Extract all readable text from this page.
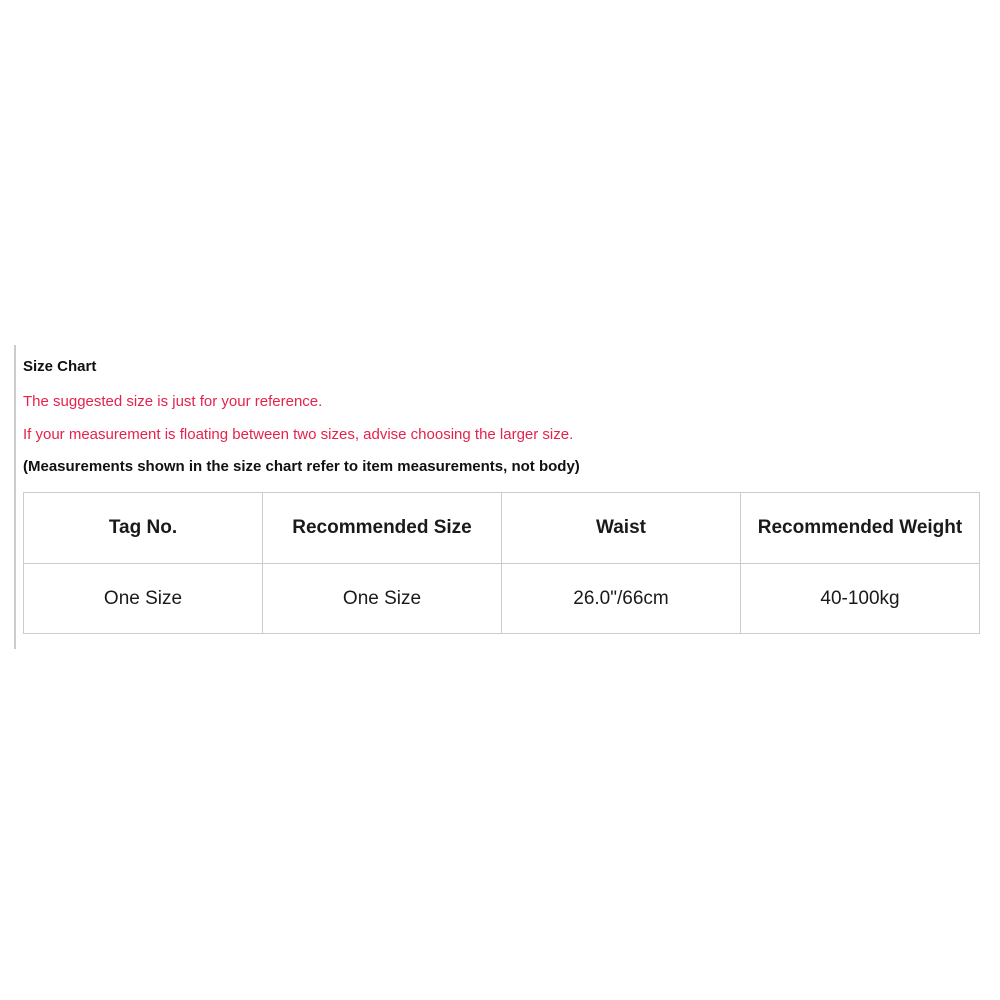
Size Chart

The suggested size is just for your reference.

If your measurement is floating between two sizes, advise choosing the larger size.

(Measurements shown in the size chart refer to item measurements, not body)

Tag No.	Recommended Size	Waist	Recommended Weight
One Size	One Size	26.0"/66cm	40-100kg
